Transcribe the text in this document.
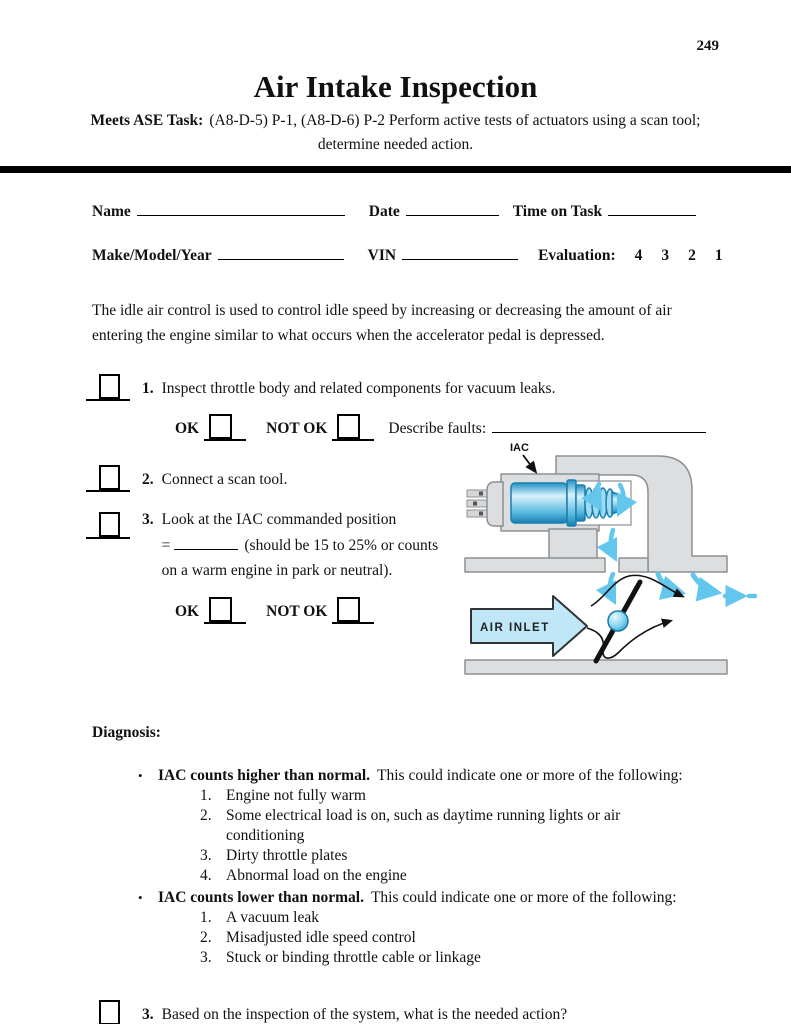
249
Air Intake Inspection
Meets ASE Task: (A8-D-5) P-1, (A8-D-6) P-2 Perform active tests of actuators using a scan tool;
determine needed action.
Name	Date	Time on Task
Make/Model/Year	VIN	Evaluation: 4 3 2 1
The idle air control is used to control idle speed by increasing or decreasing the amount of air entering the engine similar to what occurs when the accelerator pedal is depressed.
1. Inspect throttle body and related components for vacuum leaks.
OK	NOT OK	Describe faults:
2. Connect a scan tool.
3. Look at the IAC commanded position
=	(should be 15 to 25% or counts
on a warm engine in park or neutral).
OK	NOT OK
IAC
AIR INLET
Diagnosis:
• IAC counts higher than normal. This could indicate one or more of the following:
1. Engine not fully warm
2. Some electrical load is on, such as daytime running lights or air conditioning
3. Dirty throttle plates
4. Abnormal load on the engine
• IAC counts lower than normal. This could indicate one or more of the following:
1. A vacuum leak
2. Misadjusted idle speed control
3. Stuck or binding throttle cable or linkage
3. Based on the inspection of the system, what is the needed action?
